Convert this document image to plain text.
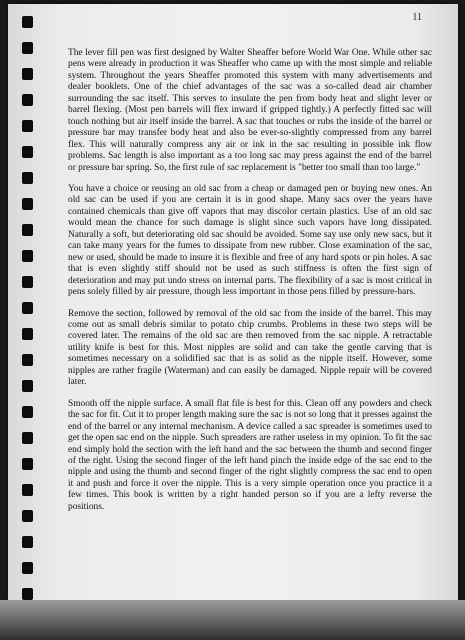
11

The lever fill pen was first designed by Walter Sheaffer before World War One. While other sac pens were already in production it was Sheaffer who came up with the most simple and reliable system. Throughout the years Sheaffer promoted this system with many advertisements and dealer booklets. One of the chief advantages of the sac was a so-called dead air chamber surrounding the sac itself. This serves to insulate the pen from body heat and slight lever or barrel flexing. (Most pen barrels will flex inward if gripped tightly.) A perfectly fitted sac will touch nothing but air itself inside the barrel. A sac that touches or rubs the inside of the barrel or pressure bar may transfer body heat and also be ever-so-slightly compressed from any barrel flex. This will naturally compress any air or ink in the sac resulting in possible ink flow problems. Sac length is also important as a too long sac may press against the end of the barrel or pressure bar spring. So, the first rule of sac replacement is "better too small than too large."

You have a choice or reusing an old sac from a cheap or damaged pen or buying new ones. An old sac can be used if you are certain it is in good shape. Many sacs over the years have contained chemicals than give off vapors that may discolor certain plastics. Use of an old sac would mean the chance for such damage is slight since such vapors have long dissipated. Naturally a soft, but deteriorating old sac should be avoided. Some say use only new sacs, but it can take many years for the fumes to dissipate from new rubber. Close examination of the sac, new or used, should be made to insure it is flexible and free of any hard spots or pin holes. A sac that is even slightly stiff should not be used as such stiffness is often the first sign of deterioration and may put undo stress on internal parts. The flexibility of a sac is most critical in pens solely filled by air pressure, though less important in those pens filled by pressure-bars.

Remove the section, followed by removal of the old sac from the inside of the barrel. This may come out as small debris similar to potato chip crumbs. Problems in these two steps will be covered later. The remains of the old sac are then removed from the sac nipple. A retractable utility knife is best for this. Most nipples are solid and can take the gentle carving that is sometimes necessary on a solidified sac that is as solid as the nipple itself. However, some nipples are rather fragile (Waterman) and can easily be damaged. Nipple repair will be covered later.

Smooth off the nipple surface. A small flat file is best for this. Clean off any powders and check the sac for fit. Cut it to proper length making sure the sac is not so long that it presses against the end of the barrel or any internal mechanism. A device called a sac spreader is sometimes used to get the open sac end on the nipple. Such spreaders are rather useless in my opinion. To fit the sac end simply hold the section with the left hand and the sac between the thumb and second finger of the right. Using the second finger of the left hand pinch the inside edge of the sac end to the nipple and using the thumb and second finger of the right slightly compress the sac end to open it and push and force it over the nipple. This is a very simple operation once you practice it a few times. This book is written by a right handed person so if you are a lefty reverse the positions.
